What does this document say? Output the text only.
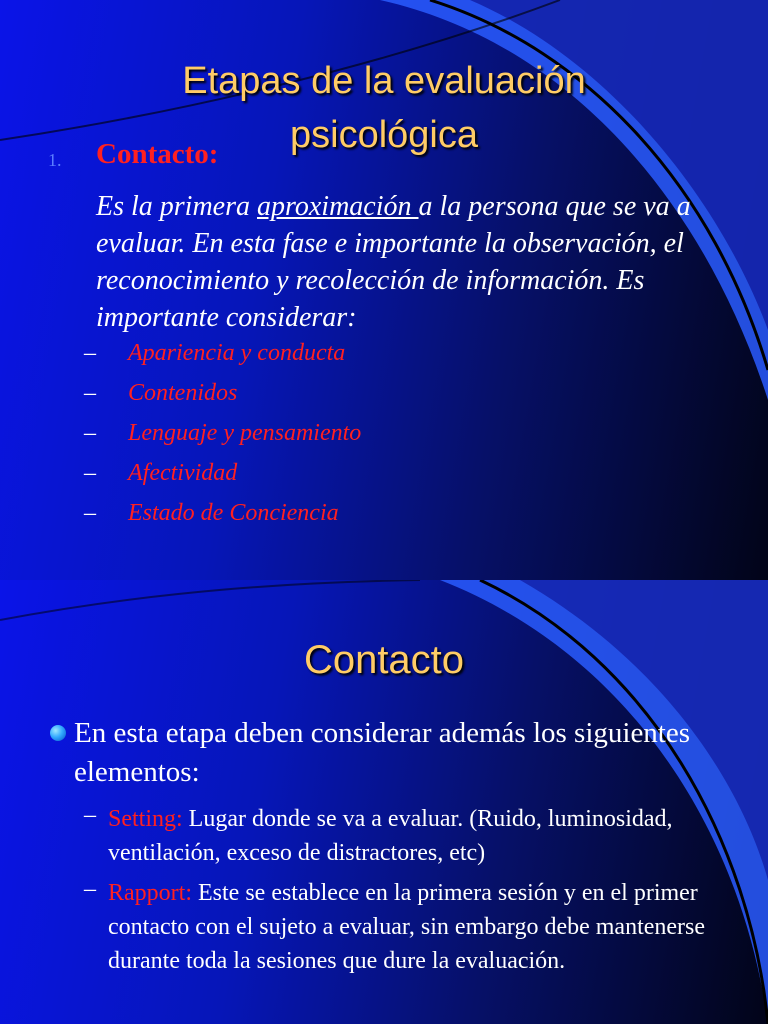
Etapas de la evaluación
psicológica
1. Contacto:
Es la primera aproximación a la persona que se va a evaluar. En esta fase e importante la observación, el reconocimiento y recolección de información. Es importante considerar:
– Apariencia y conducta
– Contenidos
– Lenguaje y pensamiento
– Afectividad
– Estado de Conciencia
Contacto
En esta etapa deben considerar además los siguientes elementos:
– Setting: Lugar donde se va a evaluar. (Ruido, luminosidad, ventilación, exceso de distractores, etc)
– Rapport: Este se establece en la primera sesión y en el primer contacto con el sujeto a evaluar, sin embargo debe mantenerse durante toda la sesiones que dure la evaluación.
